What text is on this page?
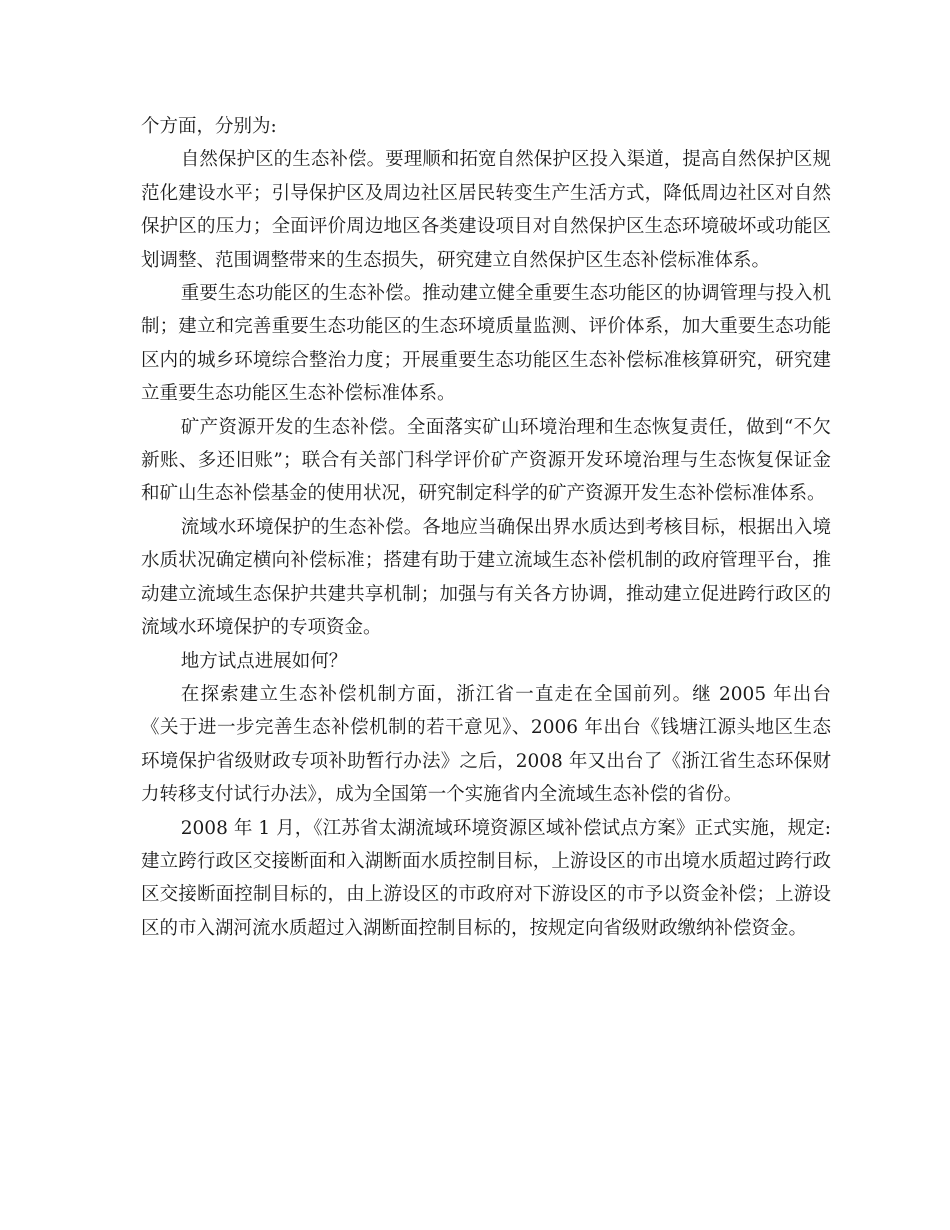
个方面，分别为:

自然保护区的生态补偿。要理顺和拓宽自然保护区投入渠道，提高自然保护区规范化建设水平；引导保护区及周边社区居民转变生产生活方式，降低周边社区对自然保护区的压力；全面评价周边地区各类建设项目对自然保护区生态环境破坏或功能区划调整、范围调整带来的生态损失，研究建立自然保护区生态补偿标准体系。

重要生态功能区的生态补偿。推动建立健全重要生态功能区的协调管理与投入机制；建立和完善重要生态功能区的生态环境质量监测、评价体系，加大重要生态功能区内的城乡环境综合整治力度；开展重要生态功能区生态补偿标准核算研究，研究建立重要生态功能区生态补偿标准体系。

矿产资源开发的生态补偿。全面落实矿山环境治理和生态恢复责任，做到“不欠新账、多还旧账”；联合有关部门科学评价矿产资源开发环境治理与生态恢复保证金和矿山生态补偿基金的使用状况，研究制定科学的矿产资源开发生态补偿标准体系。

流域水环境保护的生态补偿。各地应当确保出界水质达到考核目标，根据出入境水质状况确定横向补偿标准；搭建有助于建立流域生态补偿机制的政府管理平台，推动建立流域生态保护共建共享机制；加强与有关各方协调，推动建立促进跨行政区的流域水环境保护的专项资金。

地方试点进展如何？

在探索建立生态补偿机制方面，浙江省一直走在全国前列。继 2005 年出台《关于进一步完善生态补偿机制的若干意见》、2006 年出台《钱塘江源头地区生态环境保护省级财政专项补助暂行办法》之后，2008 年又出台了《浙江省生态环保财力转移支付试行办法》，成为全国第一个实施省内全流域生态补偿的省份。

2008 年 1 月，《江苏省太湖流域环境资源区域补偿试点方案》正式实施，规定:建立跨行政区交接断面和入湖断面水质控制目标，上游设区的市出境水质超过跨行政区交接断面控制目标的，由上游设区的市政府对下游设区的市予以资金补偿；上游设区的市入湖河流水质超过入湖断面控制目标的，按规定向省级财政缴纳补偿资金。
